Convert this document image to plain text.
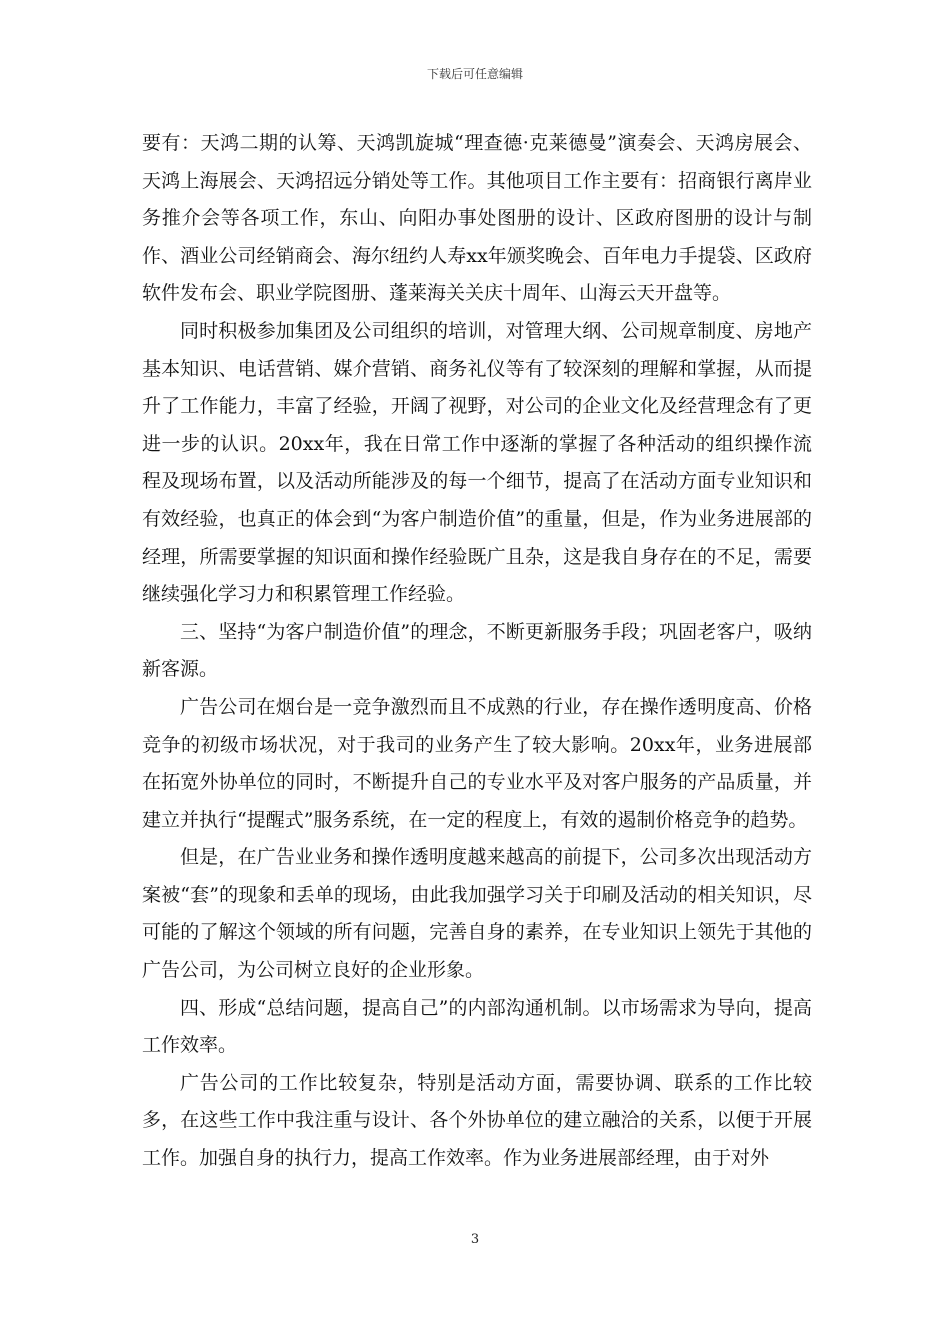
下载后可任意编辑

要有：天鸿二期的认筹、天鸿凯旋城“理查德·克莱德曼”演奏会、天鸿房展会、天鸿上海展会、天鸿招远分销处等工作。其他项目工作主要有：招商银行离岸业务推介会等各项工作，东山、向阳办事处图册的设计、区政府图册的设计与制作、酒业公司经销商会、海尔纽约人寿xx年颁奖晚会、百年电力手提袋、区政府软件发布会、职业学院图册、蓬莱海关关庆十周年、山海云天开盘等。

同时积极参加集团及公司组织的培训，对管理大纲、公司规章制度、房地产基本知识、电话营销、媒介营销、商务礼仪等有了较深刻的理解和掌握，从而提升了工作能力，丰富了经验，开阔了视野，对公司的企业文化及经营理念有了更进一步的认识。20xx年，我在日常工作中逐渐的掌握了各种活动的组织操作流程及现场布置，以及活动所能涉及的每一个细节，提高了在活动方面专业知识和有效经验，也真正的体会到“为客户制造价值”的重量，但是，作为业务进展部的经理，所需要掌握的知识面和操作经验既广且杂，这是我自身存在的不足，需要继续强化学习力和积累管理工作经验。

三、坚持“为客户制造价值”的理念，不断更新服务手段；巩固老客户，吸纳新客源。

广告公司在烟台是一竞争激烈而且不成熟的行业，存在操作透明度高、价格竞争的初级市场状况，对于我司的业务产生了较大影响。20xx年，业务进展部在拓宽外协单位的同时，不断提升自己的专业水平及对客户服务的产品质量，并建立并执行“提醒式”服务系统，在一定的程度上，有效的遏制价格竞争的趋势。

但是，在广告业业务和操作透明度越来越高的前提下，公司多次出现活动方案被“套”的现象和丢单的现场，由此我加强学习关于印刷及活动的相关知识，尽可能的了解这个领域的所有问题，完善自身的素养，在专业知识上领先于其他的广告公司，为公司树立良好的企业形象。

四、形成“总结问题，提高自己”的内部沟通机制。以市场需求为导向，提高工作效率。

广告公司的工作比较复杂，特别是活动方面，需要协调、联系的工作比较多，在这些工作中我注重与设计、各个外协单位的建立融洽的关系，以便于开展工作。加强自身的执行力，提高工作效率。作为业务进展部经理，由于对外

3
